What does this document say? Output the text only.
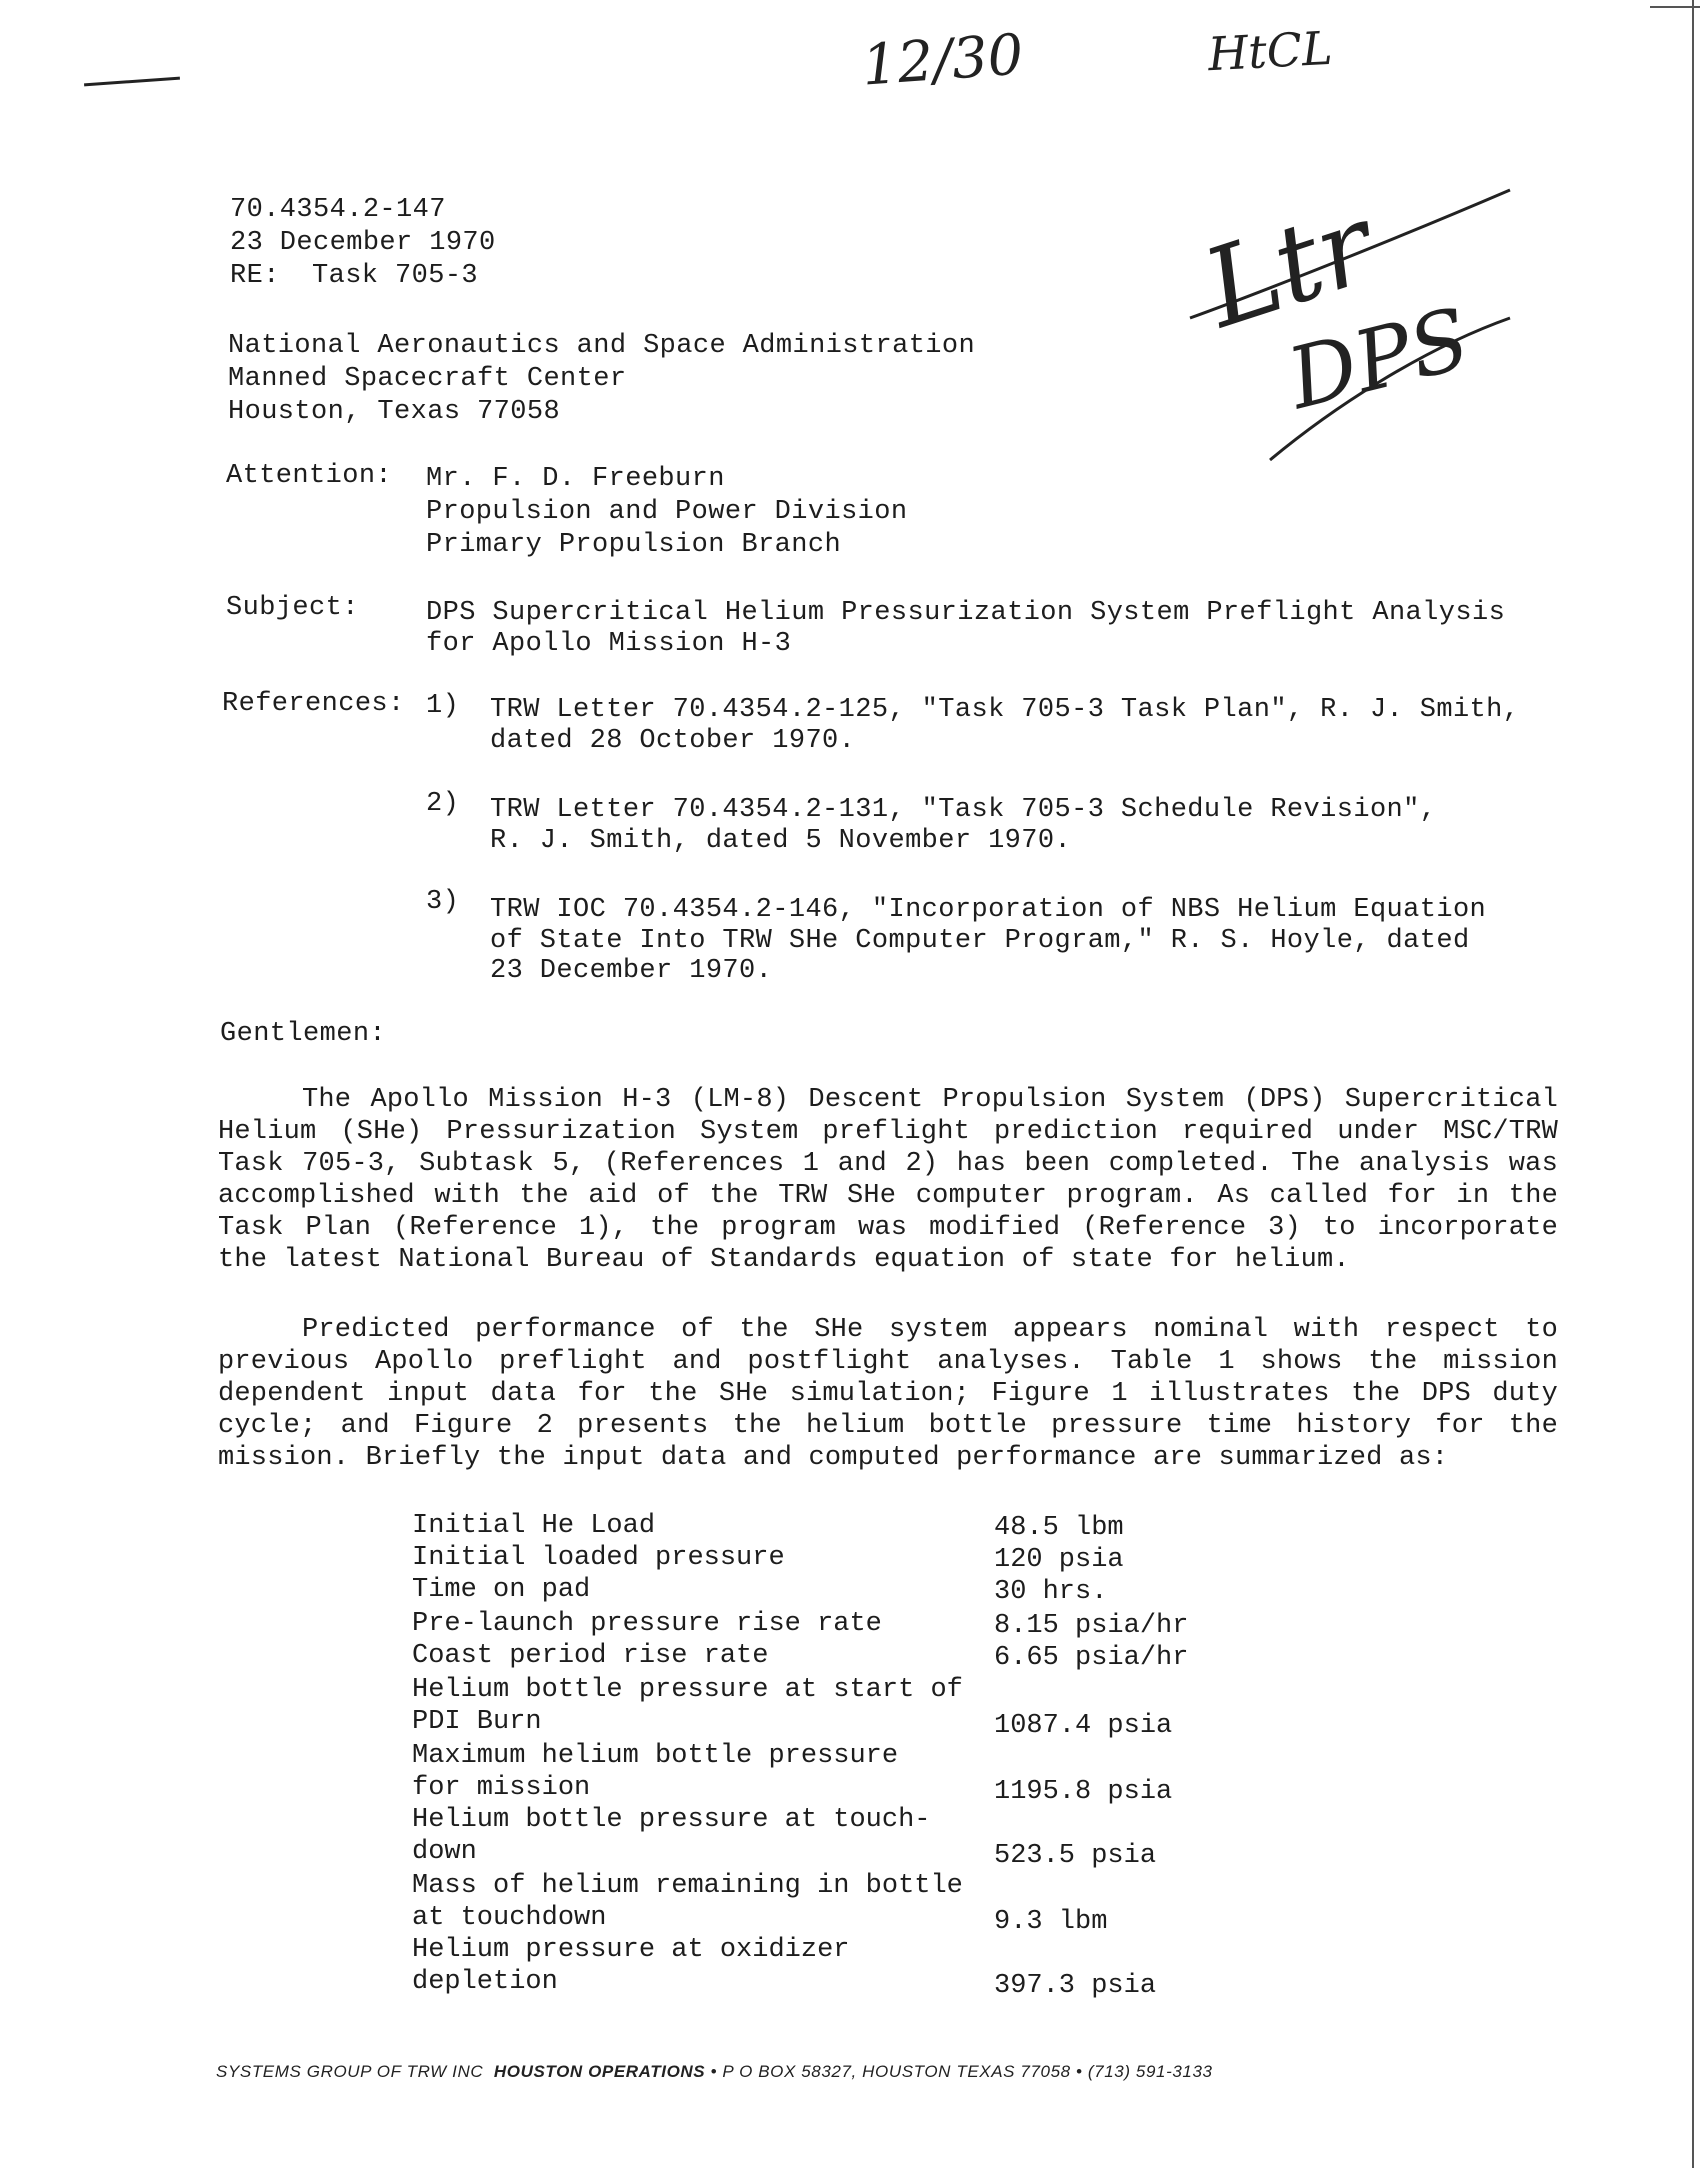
12/30	HtCL
Ltr
DPS
70.4354.2-147
23 December 1970
RE: Task 705-3
National Aeronautics and Space Administration
Manned Spacecraft Center
Houston, Texas 77058
Attention: Mr. F. D. Freeburn
Propulsion and Power Division
Primary Propulsion Branch
Subject: DPS Supercritical Helium Pressurization System Preflight Analysis
for Apollo Mission H-3
References: 1) TRW Letter 70.4354.2-125, "Task 705-3 Task Plan", R. J. Smith,
dated 28 October 1970.
2) TRW Letter 70.4354.2-131, "Task 705-3 Schedule Revision",
R. J. Smith, dated 5 November 1970.
3) TRW IOC 70.4354.2-146, "Incorporation of NBS Helium Equation
of State Into TRW SHe Computer Program," R. S. Hoyle, dated
23 December 1970.
Gentlemen:
The Apollo Mission H-3 (LM-8) Descent Propulsion System (DPS) Supercritical Helium (SHe) Pressurization System preflight prediction required under MSC/TRW Task 705-3, Subtask 5, (References 1 and 2) has been completed. The analysis was accomplished with the aid of the TRW SHe computer program. As called for in the Task Plan (Reference 1), the program was modified (Reference 3) to incorporate the latest National Bureau of Standards equation of state for helium.
Predicted performance of the SHe system appears nominal with respect to previous Apollo preflight and postflight analyses. Table 1 shows the mission dependent input data for the SHe simulation; Figure 1 illustrates the DPS duty cycle; and Figure 2 presents the helium bottle pressure time history for the mission. Briefly the input data and computed performance are summarized as:
Initial He Load	48.5 lbm
Initial loaded pressure	120 psia
Time on pad	30 hrs.
Pre-launch pressure rise rate	8.15 psia/hr
Coast period rise rate	6.65 psia/hr
Helium bottle pressure at start of
PDI Burn	1087.4 psia
Maximum helium bottle pressure
for mission	1195.8 psia
Helium bottle pressure at touch-
down	523.5 psia
Mass of helium remaining in bottle
at touchdown	9.3 lbm
Helium pressure at oxidizer
depletion	397.3 psia
SYSTEMS GROUP OF TRW INC HOUSTON OPERATIONS • P O BOX 58327, HOUSTON TEXAS 77058 • (713) 591-3133
